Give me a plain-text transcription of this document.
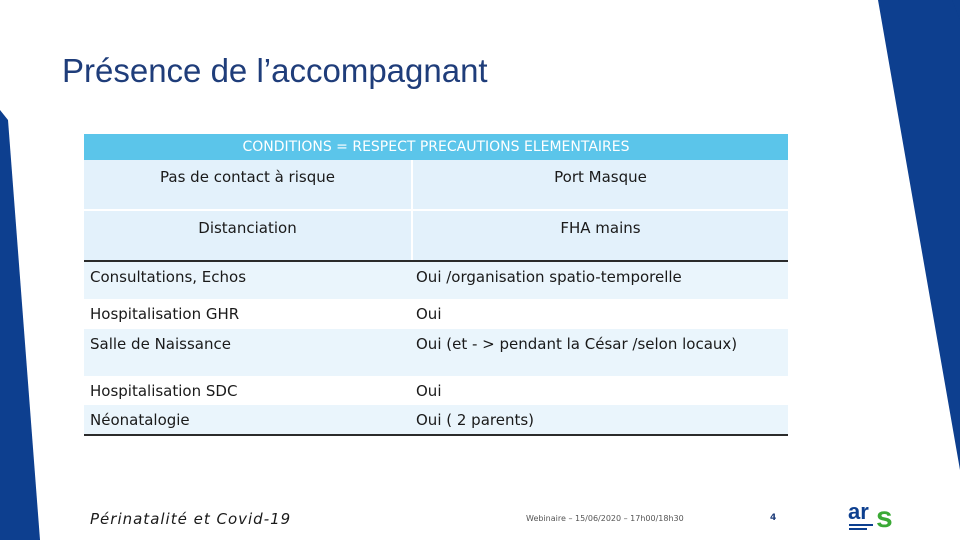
Présence de l’accompagnant
CONDITIONS = RESPECT PRECAUTIONS ELEMENTAIRES
Pas de contact à risque	Port Masque
Distanciation	FHA mains
Consultations, Echos	Oui /organisation spatio-temporelle
Hospitalisation GHR	Oui
Salle de Naissance	Oui (et - > pendant la César /selon locaux)
Hospitalisation SDC	Oui
Néonatalogie	Oui ( 2 parents)
Périnatalité et Covid-19	Webinaire – 15/06/2020 – 17h00/18h30	4	ar s
